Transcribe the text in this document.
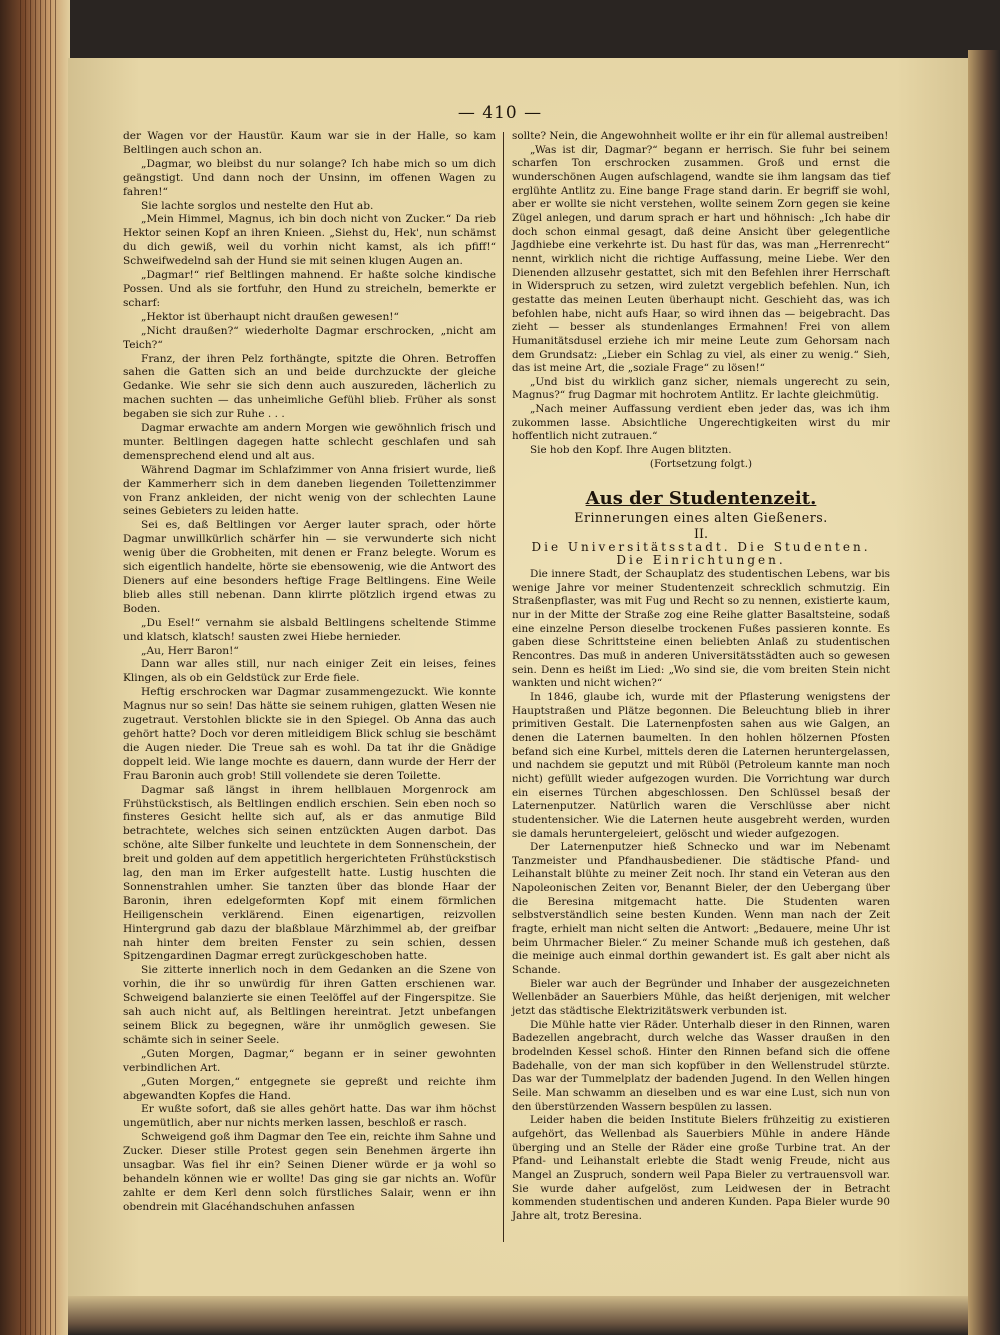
— 410 —

der Wagen vor der Haustür. Kaum war sie in der Halle, so kam Beltlingen auch schon an.

„Dagmar, wo bleibst du nur solange? Ich habe mich so um dich geängstigt. Und dann noch der Unsinn, im offenen Wagen zu fahren!“

Sie lachte sorglos und nestelte den Hut ab.

„Mein Himmel, Magnus, ich bin doch nicht von Zucker.“ Da rieb Hektor seinen Kopf an ihren Knieen. „Siehst du, Hek', nun schämst du dich gewiß, weil du vorhin nicht kamst, als ich pfiff!“ Schweifwedelnd sah der Hund sie mit seinen klugen Augen an.

„Dagmar!“ rief Beltlingen mahnend. Er haßte solche kindische Possen. Und als sie fortfuhr, den Hund zu streicheln, bemerkte er scharf:

„Hektor ist überhaupt nicht draußen gewesen!“

„Nicht draußen?“ wiederholte Dagmar erschrocken, „nicht am Teich?“

Franz, der ihren Pelz forthängte, spitzte die Ohren. Betroffen sahen die Gatten sich an und beide durchzuckte der gleiche Gedanke. Wie sehr sie sich denn auch auszureden, lächerlich zu machen suchten — das unheimliche Gefühl blieb. Früher als sonst begaben sie sich zur Ruhe . . .

Dagmar erwachte am andern Morgen wie gewöhnlich frisch und munter. Beltlingen dagegen hatte schlecht geschlafen und sah demensprechend elend und alt aus.

Während Dagmar im Schlafzimmer von Anna frisiert wurde, ließ der Kammerherr sich in dem daneben liegenden Toilettenzimmer von Franz ankleiden, der nicht wenig von der schlechten Laune seines Gebieters zu leiden hatte.

Sei es, daß Beltlingen vor Aerger lauter sprach, oder hörte Dagmar unwillkürlich schärfer hin — sie verwunderte sich nicht wenig über die Grobheiten, mit denen er Franz belegte. Worum es sich eigentlich handelte, hörte sie ebensowenig, wie die Antwort des Dieners auf eine besonders heftige Frage Beltlingens. Eine Weile blieb alles still nebenan. Dann klirrte plötzlich irgend etwas zu Boden.

„Du Esel!“ vernahm sie alsbald Beltlingens scheltende Stimme und klatsch, klatsch! sausten zwei Hiebe hernieder.

„Au, Herr Baron!“

Dann war alles still, nur nach einiger Zeit ein leises, feines Klingen, als ob ein Geldstück zur Erde fiele.

Heftig erschrocken war Dagmar zusammengezuckt. Wie konnte Magnus nur so sein! Das hätte sie seinem ruhigen, glatten Wesen nie zugetraut. Verstohlen blickte sie in den Spiegel. Ob Anna das auch gehört hatte? Doch vor deren mitleidigem Blick schlug sie beschämt die Augen nieder. Die Treue sah es wohl. Da tat ihr die Gnädige doppelt leid. Wie lange mochte es dauern, dann wurde der Herr der Frau Baronin auch grob! Still vollendete sie deren Toilette.

Dagmar saß längst in ihrem hellblauen Morgenrock am Frühstückstisch, als Beltlingen endlich erschien. Sein eben noch so finsteres Gesicht hellte sich auf, als er das anmutige Bild betrachtete, welches sich seinen entzückten Augen darbot. Das schöne, alte Silber funkelte und leuchtete in dem Sonnenschein, der breit und golden auf dem appetitlich hergerichteten Frühstückstisch lag, den man im Erker aufgestellt hatte. Lustig huschten die Sonnenstrahlen umher. Sie tanzten über das blonde Haar der Baronin, ihren edelgeformten Kopf mit einem förmlichen Heiligenschein verklärend. Einen eigenartigen, reizvollen Hintergrund gab dazu der blaßblaue Märzhimmel ab, der greifbar nah hinter dem breiten Fenster zu sein schien, dessen Spitzengardinen Dagmar erregt zurückgeschoben hatte.

Sie zitterte innerlich noch in dem Gedanken an die Szene von vorhin, die ihr so unwürdig für ihren Gatten erschienen war. Schweigend balanzierte sie einen Teelöffel auf der Fingerspitze. Sie sah auch nicht auf, als Beltlingen hereintrat. Jetzt unbefangen seinem Blick zu begegnen, wäre ihr unmöglich gewesen. Sie schämte sich in seiner Seele.

„Guten Morgen, Dagmar,“ begann er in seiner gewohnten verbindlichen Art.

„Guten Morgen,“ entgegnete sie gepreßt und reichte ihm abgewandten Kopfes die Hand.

Er wußte sofort, daß sie alles gehört hatte. Das war ihm höchst ungemütlich, aber nur nichts merken lassen, beschloß er rasch.

Schweigend goß ihm Dagmar den Tee ein, reichte ihm Sahne und Zucker. Dieser stille Protest gegen sein Benehmen ärgerte ihn unsagbar. Was fiel ihr ein? Seinen Diener würde er ja wohl so behandeln können wie er wollte! Das ging sie gar nichts an. Wofür zahlte er dem Kerl denn solch fürstliches Salair, wenn er ihn obendrein mit Glacéhandschuhen anfassen

sollte? Nein, die Angewohnheit wollte er ihr ein für allemal austreiben!

„Was ist dir, Dagmar?“ begann er herrisch. Sie fuhr bei seinem scharfen Ton erschrocken zusammen. Groß und ernst die wunderschönen Augen aufschlagend, wandte sie ihm langsam das tief erglühte Antlitz zu. Eine bange Frage stand darin. Er begriff sie wohl, aber er wollte sie nicht verstehen, wollte seinem Zorn gegen sie keine Zügel anlegen, und darum sprach er hart und höhnisch: „Ich habe dir doch schon einmal gesagt, daß deine Ansicht über gelegentliche Jagdhiebe eine verkehrte ist. Du hast für das, was man „Herrenrecht“ nennt, wirklich nicht die richtige Auffassung, meine Liebe. Wer den Dienenden allzusehr gestattet, sich mit den Befehlen ihrer Herrschaft in Widerspruch zu setzen, wird zuletzt vergeblich befehlen. Nun, ich gestatte das meinen Leuten überhaupt nicht. Geschieht das, was ich befohlen habe, nicht aufs Haar, so wird ihnen das — beigebracht. Das zieht — besser als stundenlanges Ermahnen! Frei von allem Humanitätsdusel erziehe ich mir meine Leute zum Gehorsam nach dem Grundsatz: „Lieber ein Schlag zu viel, als einer zu wenig.“ Sieh, das ist meine Art, die „soziale Frage“ zu lösen!“

„Und bist du wirklich ganz sicher, niemals ungerecht zu sein, Magnus?“ frug Dagmar mit hochrotem Antlitz. Er lachte gleichmütig.

„Nach meiner Auffassung verdient eben jeder das, was ich ihm zukommen lasse. Absichtliche Ungerechtigkeiten wirst du mir hoffentlich nicht zutrauen.“

Sie hob den Kopf. Ihre Augen blitzten.

(Fortsetzung folgt.)

Aus der Studentenzeit.

Erinnerungen eines alten Gießeners.

II.

Die Universitätsstadt. Die Studenten.

Die Einrichtungen.

Die innere Stadt, der Schauplatz des studentischen Lebens, war bis wenige Jahre vor meiner Studentenzeit schrecklich schmutzig. Ein Straßenpflaster, was mit Fug und Recht so zu nennen, existierte kaum, nur in der Mitte der Straße zog eine Reihe glatter Basaltsteine, sodaß eine einzelne Person dieselbe trockenen Fußes passieren konnte. Es gaben diese Schrittsteine einen beliebten Anlaß zu studentischen Rencontres. Das muß in anderen Universitätsstädten auch so gewesen sein. Denn es heißt im Lied: „Wo sind sie, die vom breiten Stein nicht wankten und nicht wichen?“

In 1846, glaube ich, wurde mit der Pflasterung wenigstens der Hauptstraßen und Plätze begonnen. Die Beleuchtung blieb in ihrer primitiven Gestalt. Die Laternenpfosten sahen aus wie Galgen, an denen die Laternen baumelten. In den hohlen hölzernen Pfosten befand sich eine Kurbel, mittels deren die Laternen heruntergelassen, und nachdem sie geputzt und mit Rüböl (Petroleum kannte man noch nicht) gefüllt wieder aufgezogen wurden. Die Vorrichtung war durch ein eisernes Türchen abgeschlossen. Den Schlüssel besaß der Laternenputzer. Natürlich waren die Verschlüsse aber nicht studentensicher. Wie die Laternen heute ausgebreht werden, wurden sie damals heruntergeleiert, gelöscht und wieder aufgezogen.

Der Laternenputzer hieß Schnecko und war im Nebenamt Tanzmeister und Pfandhausbediener. Die städtische Pfand- und Leihanstalt blühte zu meiner Zeit noch. Ihr stand ein Veteran aus den Napoleonischen Zeiten vor, Benannt Bieler, der den Uebergang über die Beresina mitgemacht hatte. Die Studenten waren selbstverständlich seine besten Kunden. Wenn man nach der Zeit fragte, erhielt man nicht selten die Antwort: „Bedauere, meine Uhr ist beim Uhrmacher Bieler.“ Zu meiner Schande muß ich gestehen, daß die meinige auch einmal dorthin gewandert ist. Es galt aber nicht als Schande.

Bieler war auch der Begründer und Inhaber der ausgezeichneten Wellenbäder an Sauerbiers Mühle, das heißt derjenigen, mit welcher jetzt das städtische Elektrizitätswerk verbunden ist.

Die Mühle hatte vier Räder. Unterhalb dieser in den Rinnen, waren Badezellen angebracht, durch welche das Wasser draußen in den brodelnden Kessel schoß. Hinter den Rinnen befand sich die offene Badehalle, von der man sich kopfüber in den Wellenstrudel stürzte. Das war der Tummelplatz der badenden Jugend. In den Wellen hingen Seile. Man schwamm an dieselben und es war eine Lust, sich nun von den überstürzenden Wassern bespülen zu lassen.

Leider haben die beiden Institute Bielers frühzeitig zu existieren aufgehört, das Wellenbad als Sauerbiers Mühle in andere Hände überging und an Stelle der Räder eine große Turbine trat. An der Pfand- und Leihanstalt erlebte die Stadt wenig Freude, nicht aus Mangel an Zuspruch, sondern weil Papa Bieler zu vertrauensvoll war. Sie wurde daher aufgelöst, zum Leidwesen der in Betracht kommenden studentischen und anderen Kunden. Papa Bieler wurde 90 Jahre alt, trotz Beresina.
